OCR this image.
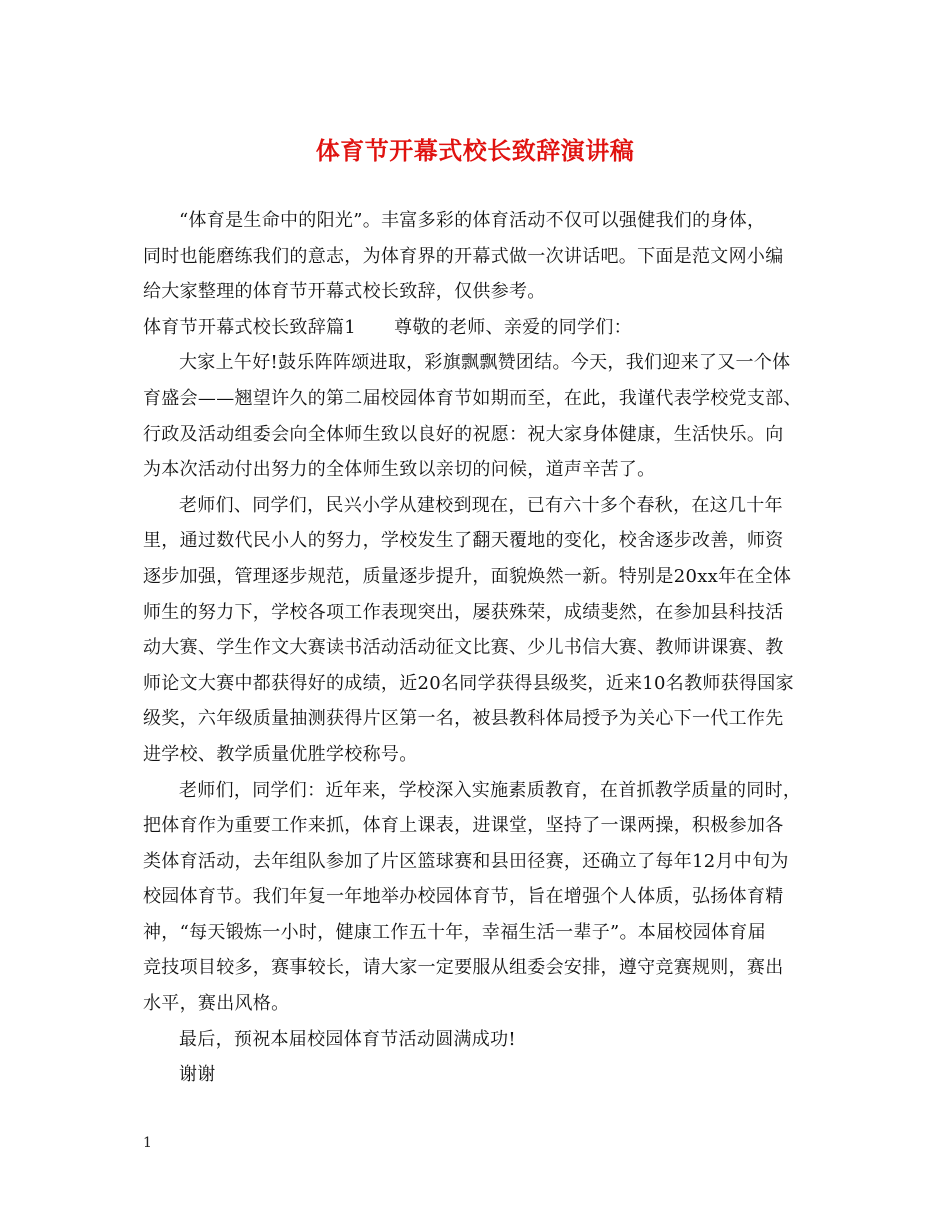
体育节开幕式校长致辞演讲稿
“体育是生命中的阳光”。丰富多彩的体育活动不仅可以强健我们的身体，
同时也能磨练我们的意志，为体育界的开幕式做一次讲话吧。下面是范文网小编
给大家整理的体育节开幕式校长致辞，仅供参考。
体育节开幕式校长致辞篇1 尊敬的老师、亲爱的同学们：
大家上午好!鼓乐阵阵颂进取，彩旗飘飘赞团结。今天，我们迎来了又一个体
育盛会——翘望许久的第二届校园体育节如期而至，在此，我谨代表学校党支部、
行政及活动组委会向全体师生致以良好的祝愿：祝大家身体健康，生活快乐。向
为本次活动付出努力的全体师生致以亲切的问候，道声辛苦了。
老师们、同学们，民兴小学从建校到现在，已有六十多个春秋，在这几十年
里，通过数代民小人的努力，学校发生了翻天覆地的变化，校舍逐步改善，师资
逐步加强，管理逐步规范，质量逐步提升，面貌焕然一新。特别是20xx年在全体
师生的努力下，学校各项工作表现突出，屡获殊荣，成绩斐然，在参加县科技活
动大赛、学生作文大赛读书活动活动征文比赛、少儿书信大赛、教师讲课赛、教
师论文大赛中都获得好的成绩，近20名同学获得县级奖，近来10名教师获得国家
级奖，六年级质量抽测获得片区第一名，被县教科体局授予为关心下一代工作先
进学校、教学质量优胜学校称号。
老师们，同学们：近年来，学校深入实施素质教育，在首抓教学质量的同时，
把体育作为重要工作来抓，体育上课表，进课堂，坚持了一课两操，积极参加各
类体育活动，去年组队参加了片区篮球赛和县田径赛，还确立了每年12月中旬为
校园体育节。我们年复一年地举办校园体育节，旨在增强个人体质，弘扬体育精
神，“每天锻炼一小时，健康工作五十年，幸福生活一辈子”。本届校园体育届
竞技项目较多，赛事较长，请大家一定要服从组委会安排，遵守竞赛规则，赛出
水平，赛出风格。
最后，预祝本届校园体育节活动圆满成功!
谢谢
1
